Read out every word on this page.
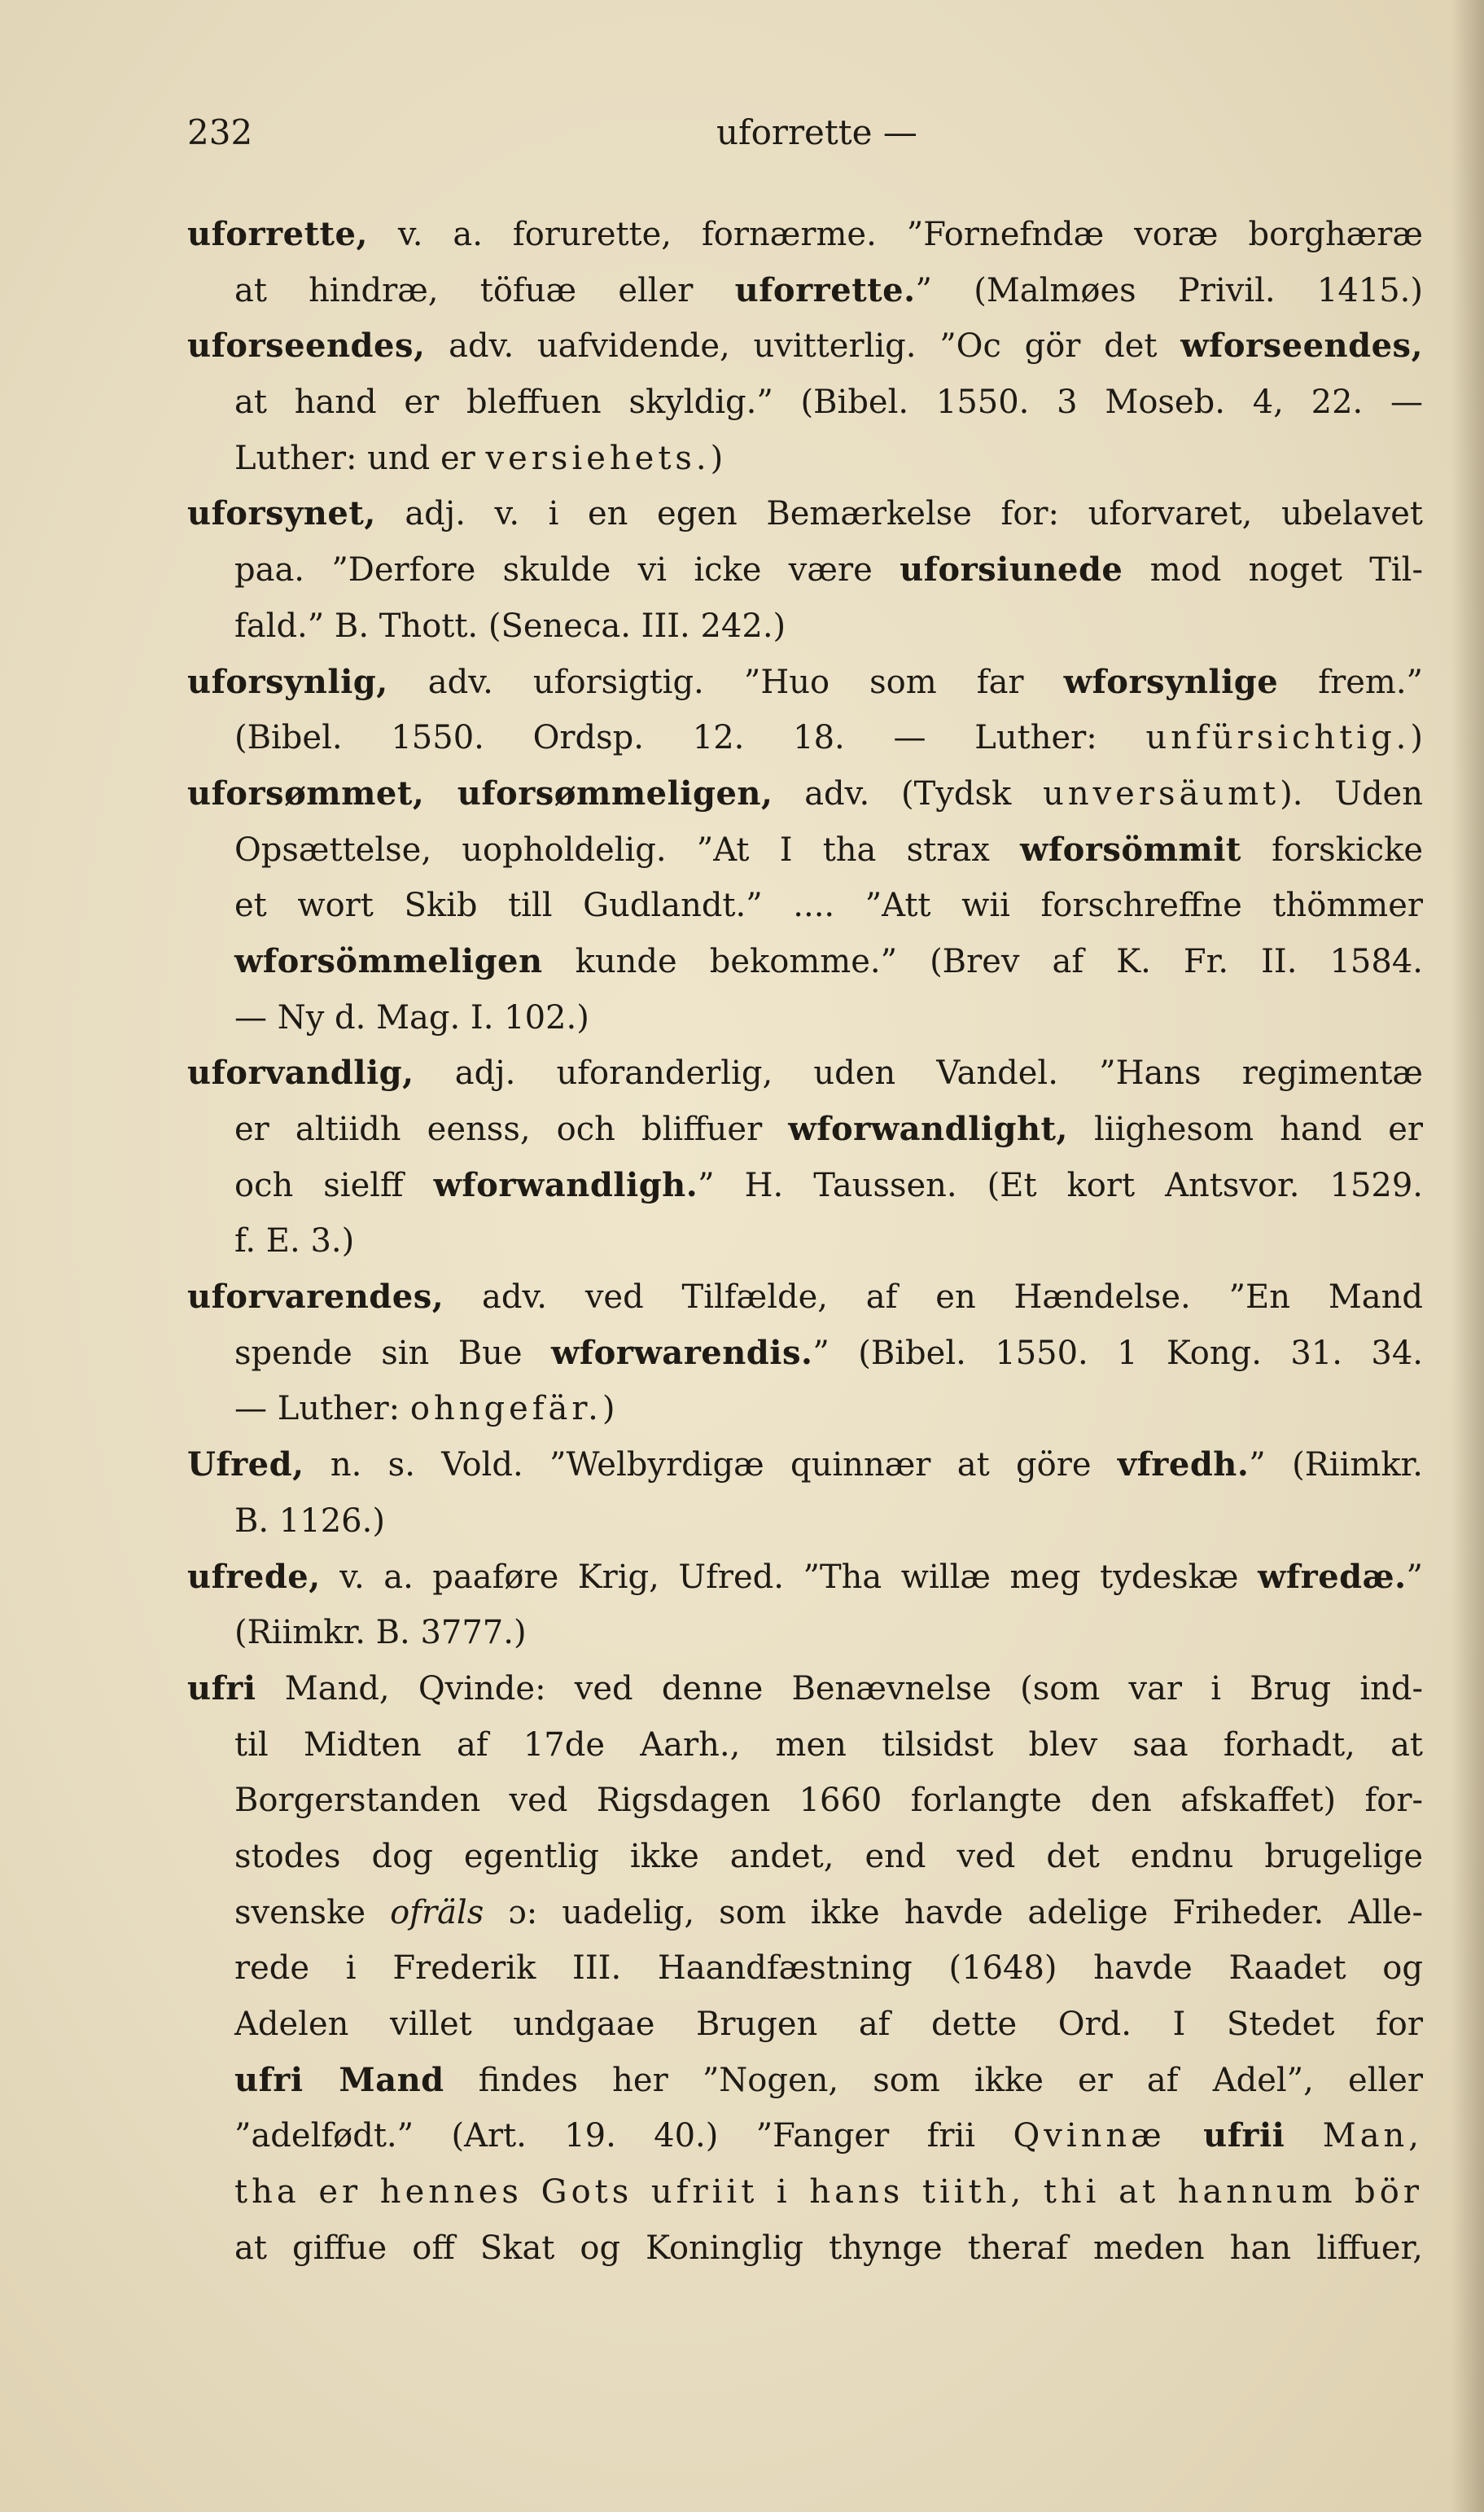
232	uforrette —
uforrette, v. a. forurette, fornærme. ”Fornefndæ voræ borghæræ
at hindræ, töfuæ eller uforrette.” (Malmøes Privil. 1415.)
uforseendes, adv. uafvidende, uvitterlig. ”Oc gör det wforseendes,
at hand er bleffuen skyldig.” (Bibel. 1550. 3 Moseb. 4, 22. —
Luther: und er versiehets.)
uforsynet, adj. v. i en egen Bemærkelse for: uforvaret, ubelavet
paa. ”Derfore skulde vi icke være uforsiunede mod noget Til-
fald.” B. Thott. (Seneca. III. 242.)
uforsynlig, adv. uforsigtig. ”Huo som far wforsynlige frem.”
(Bibel. 1550. Ordsp. 12. 18. — Luther: unfürsichtig.)
uforsømmet, uforsømmeligen, adv. (Tydsk unversäumt). Uden
Opsættelse, uopholdelig. ”At I tha strax wforsömmit forskicke
et wort Skib till Gudlandt.” .... ”Att wii forschreffne thömmer
wforsömmeligen kunde bekomme.” (Brev af K. Fr. II. 1584.
— Ny d. Mag. I. 102.)
uforvandlig, adj. uforanderlig, uden Vandel. ”Hans regimentæ
er altiidh eenss, och bliffuer wforwandlight, liighesom hand er
och sielff wforwandligh.” H. Taussen. (Et kort Antsvor. 1529.
f. E. 3.)
uforvarendes, adv. ved Tilfælde, af en Hændelse. ”En Mand
spende sin Bue wforwarendis.” (Bibel. 1550. 1 Kong. 31. 34.
— Luther: ohngefär.)
Ufred, n. s. Vold. ”Welbyrdigæ quinnær at göre vfredh.” (Riimkr.
B. 1126.)
ufrede, v. a. paaføre Krig, Ufred. ”Tha willæ meg tydeskæ wfredæ.”
(Riimkr. B. 3777.)
ufri Mand, Qvinde: ved denne Benævnelse (som var i Brug ind-
til Midten af 17de Aarh., men tilsidst blev saa forhadt, at
Borgerstanden ved Rigsdagen 1660 forlangte den afskaffet) for-
stodes dog egentlig ikke andet, end ved det endnu brugelige
svenske ofräls ɔ: uadelig, som ikke havde adelige Friheder. Alle-
rede i Frederik III. Haandfæstning (1648) havde Raadet og
Adelen villet undgaae Brugen af dette Ord. I Stedet for
ufri Mand findes her ”Nogen, som ikke er af Adel”, eller
”adelfødt.” (Art. 19. 40.) ”Fanger frii Qvinnæ ufrii Man,
tha er hennes Gots ufriit i hans tiith, thi at hannum bör
at giffue off Skat og Koninglig thynge theraf meden han liffuer,
